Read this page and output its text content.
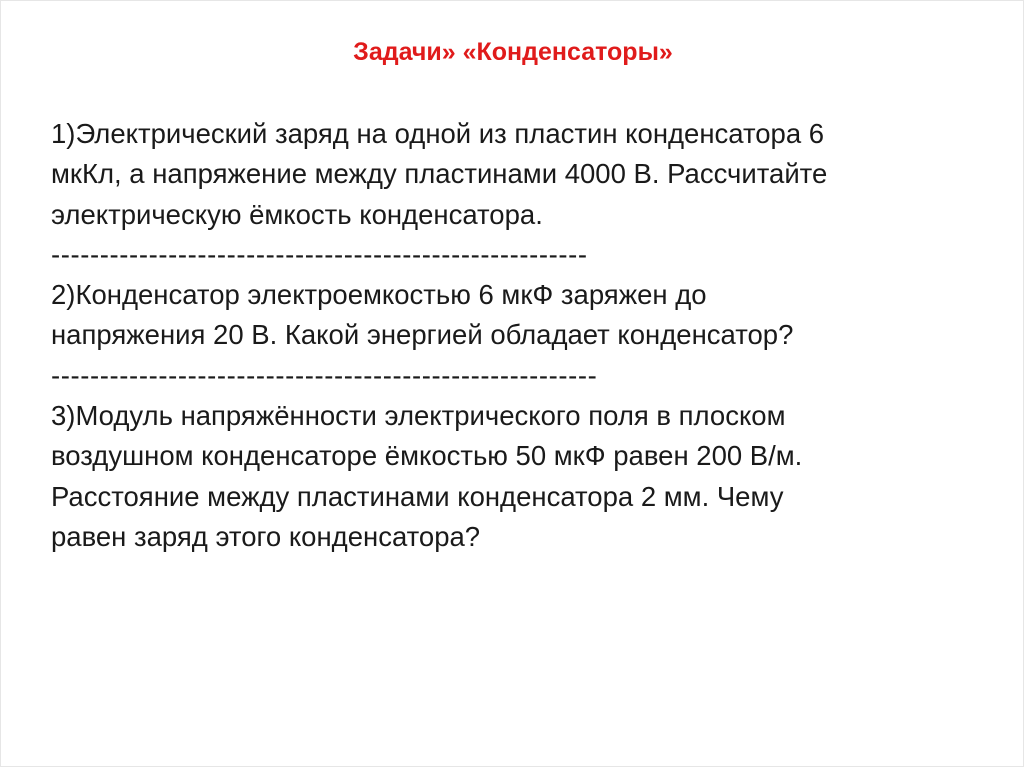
Задачи» «Конденсаторы»
1)Электрический заряд на одной из пластин конденсатора 6
мкКл, а напряжение между пластинами 4000 В. Рассчитайте
электрическую ёмкость конденсатора.
-------------------------------------------------------
2)Конденсатор электроемкостью 6 мкФ заряжен до
напряжения 20 В. Какой энергией обладает конденсатор?
--------------------------------------------------------
3)Модуль напряжённости электрического поля в плоском
воздушном конденсаторе ёмкостью 50 мкФ равен 200 В/м.
Расстояние между пластинами конденсатора 2 мм. Чему
равен заряд этого конденсатора?
